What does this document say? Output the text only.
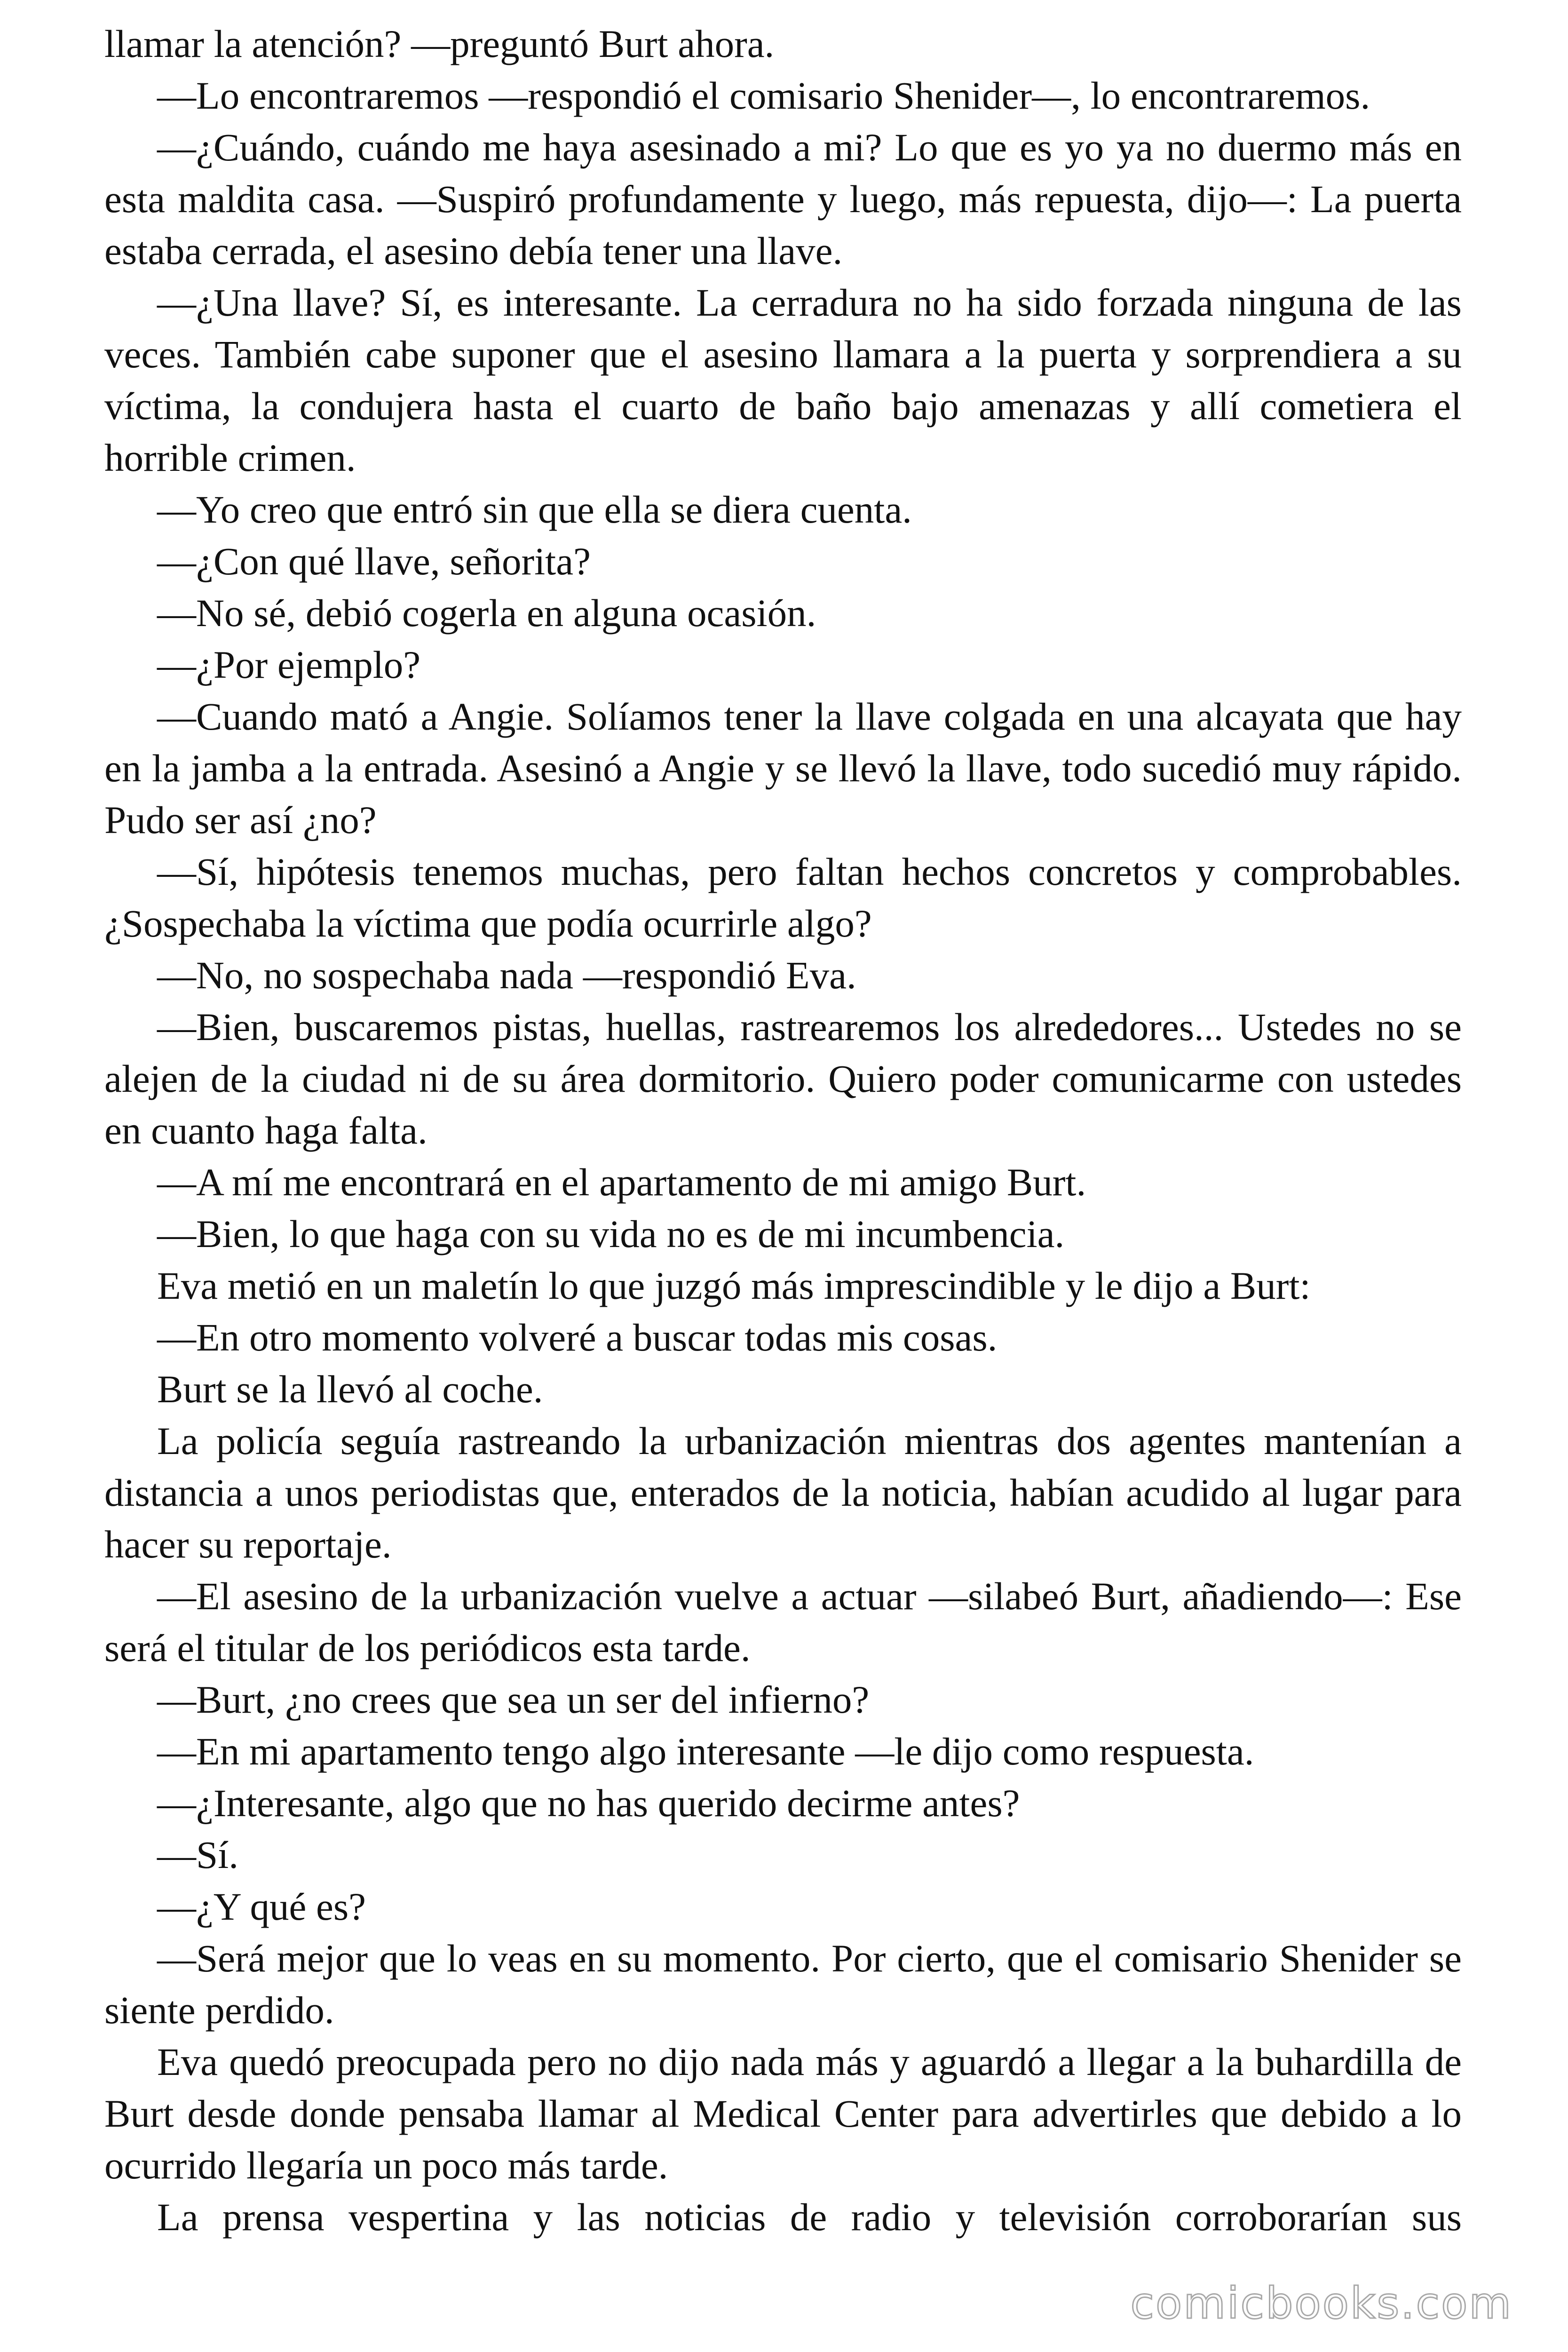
llamar la atención? —preguntó Burt ahora.

—Lo encontraremos —respondió el comisario Shenider—, lo encontraremos.

—¿Cuándo, cuándo me haya asesinado a mi? Lo que es yo ya no duermo más en esta maldita casa. —Suspiró profundamente y luego, más repuesta, dijo—: La puerta estaba cerrada, el asesino debía tener una llave.

—¿Una llave? Sí, es interesante. La cerradura no ha sido forzada ninguna de las veces. También cabe suponer que el asesino llamara a la puerta y sorprendiera a su víctima, la condujera hasta el cuarto de baño bajo amenazas y allí cometiera el horrible crimen.

—Yo creo que entró sin que ella se diera cuenta.

—¿Con qué llave, señorita?

—No sé, debió cogerla en alguna ocasión.

—¿Por ejemplo?

—Cuando mató a Angie. Solíamos tener la llave colgada en una alcayata que hay en la jamba a la entrada. Asesinó a Angie y se llevó la llave, todo sucedió muy rápido. Pudo ser así ¿no?

—Sí, hipótesis tenemos muchas, pero faltan hechos concretos y comprobables. ¿Sospechaba la víctima que podía ocurrirle algo?

—No, no sospechaba nada —respondió Eva.

—Bien, buscaremos pistas, huellas, rastrearemos los alrededores... Ustedes no se alejen de la ciudad ni de su área dormitorio. Quiero poder comunicarme con ustedes en cuanto haga falta.

—A mí me encontrará en el apartamento de mi amigo Burt.

—Bien, lo que haga con su vida no es de mi incumbencia.

Eva metió en un maletín lo que juzgó más imprescindible y le dijo a Burt:

—En otro momento volveré a buscar todas mis cosas.

Burt se la llevó al coche.

La policía seguía rastreando la urbanización mientras dos agentes mantenían a distancia a unos periodistas que, enterados de la noticia, habían acudido al lugar para hacer su reportaje.

—El asesino de la urbanización vuelve a actuar —silabeó Burt, añadiendo—: Ese será el titular de los periódicos esta tarde.

—Burt, ¿no crees que sea un ser del infierno?

—En mi apartamento tengo algo interesante —le dijo como respuesta.

—¿Interesante, algo que no has querido decirme antes?

—Sí.

—¿Y qué es?

—Será mejor que lo veas en su momento. Por cierto, que el comisario Shenider se siente perdido.

Eva quedó preocupada pero no dijo nada más y aguardó a llegar a la buhardilla de Burt desde donde pensaba llamar al Medical Center para advertirles que debido a lo ocurrido llegaría un poco más tarde.

La prensa vespertina y las noticias de radio y televisión corroborarían sus

comicbooks.com
